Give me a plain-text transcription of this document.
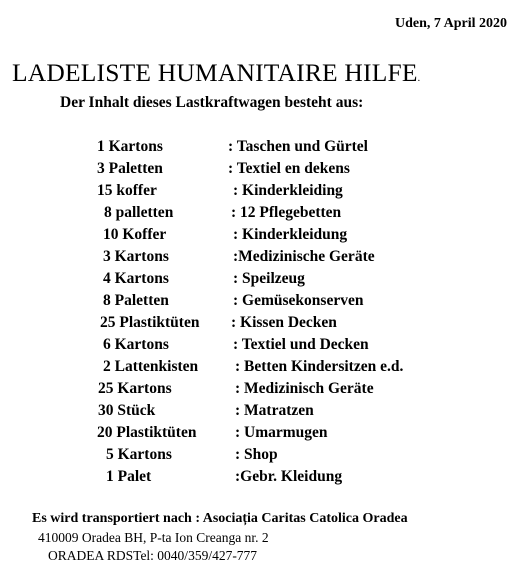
Uden, 7 April 2020
LADELISTE HUMANITAIRE HILFE.
Der Inhalt dieses Lastkraftwagen besteht aus:
1 Kartons	: Taschen und Gürtel
3 Paletten	: Textiel en dekens
15 koffer	: Kinderkleiding
8 palletten	: 12 Pflegebetten
10 Koffer	: Kinderkleidung
3 Kartons	:Medizinische Geräte
4 Kartons	: Speilzeug
8 Paletten	: Gemüsekonserven
25 Plastiktüten : Kissen Decken
6 Kartons	: Textiel und Decken
2 Lattenkisten : Betten Kindersitzen e.d.
25 Kartons	: Medizinisch Geräte
30 Stück	: Matratzen
20 Plastiktüten : Umarmugen
5 Kartons	: Shop
1 Palet	:Gebr. Kleidung
Es wird transportiert nach : Asociația Caritas Catolica Oradea
410009 Oradea BH, P-ta Ion Creanga nr. 2
ORADEA RDSTel: 0040/359/427-777
